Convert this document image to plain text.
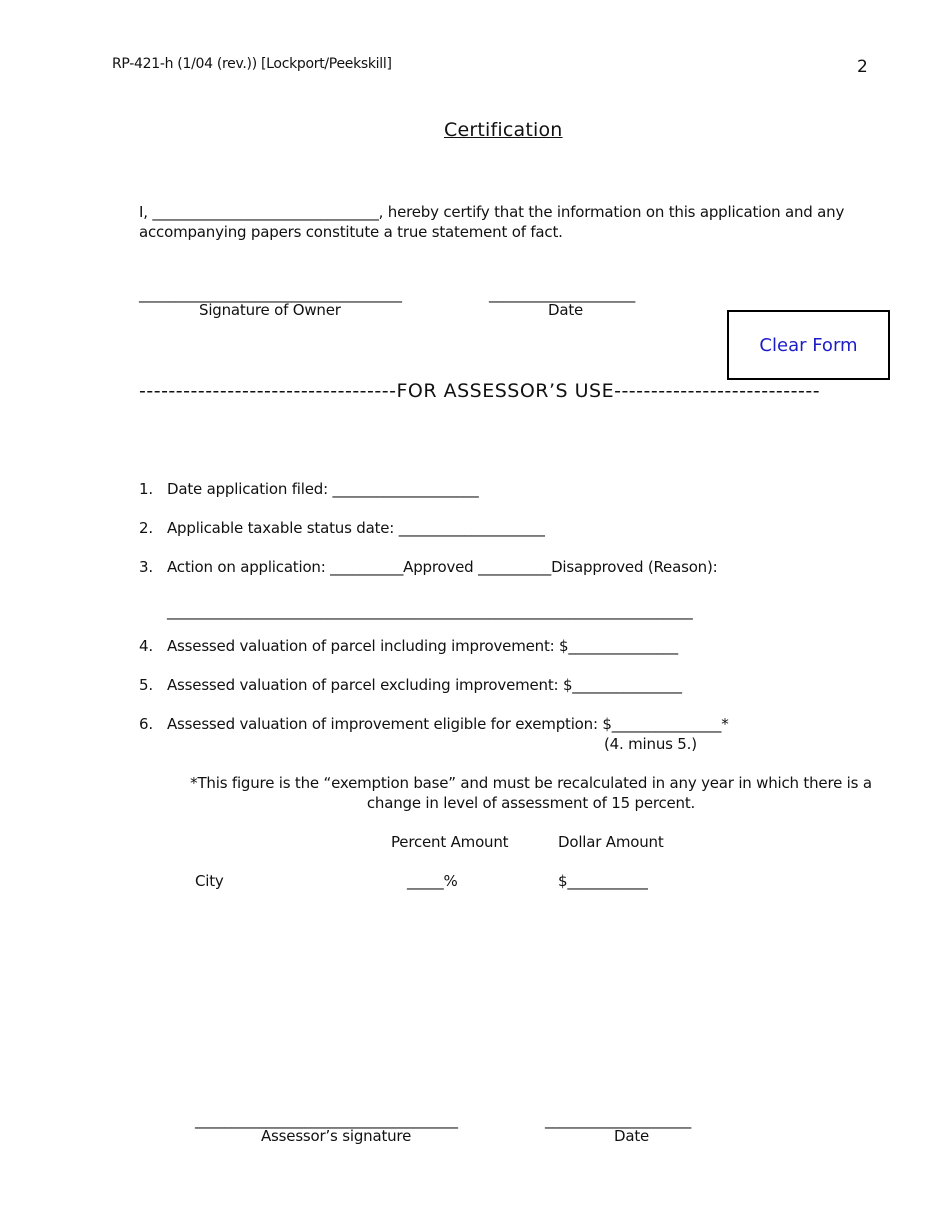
RP-421-h (1/04 (rev.)) [Lockport/Peekskill]	2
Certification
I, _______________________________, hereby certify that the information on this application and any
accompanying papers constitute a true statement of fact.
____________________________________	____________________
Signature of Owner	Date
Clear Form
-----------------------------------FOR ASSESSOR’S USE----------------------------
1. Date application filed: ____________________
2. Applicable taxable status date: ____________________
3. Action on application: __________Approved __________Disapproved (Reason):
________________________________________________________________________
4. Assessed valuation of parcel including improvement: $_______________
5. Assessed valuation of parcel excluding improvement: $_______________
6. Assessed valuation of improvement eligible for exemption: $_______________*
(4. minus 5.)
*This figure is the “exemption base” and must be recalculated in any year in which there is a
change in level of assessment of 15 percent.
Percent Amount	Dollar Amount
City	_____%	$___________
____________________________________	____________________
Assessor’s signature	Date
